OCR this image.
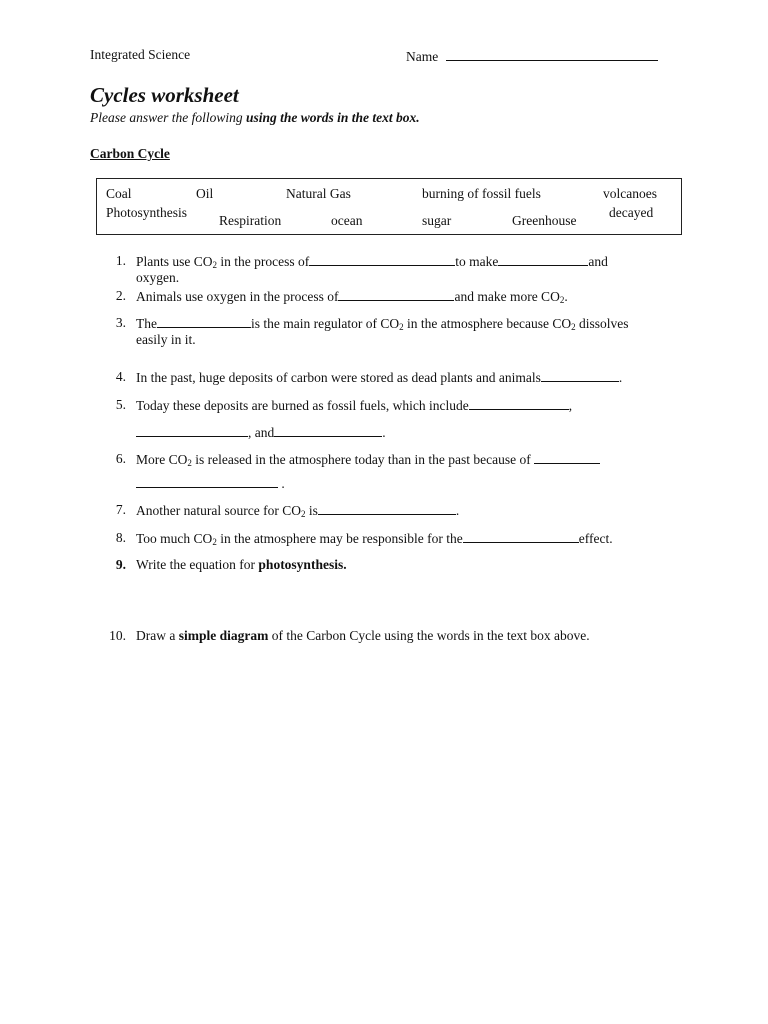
Integrated Science	Name
Cycles worksheet
Please answer the following using the words in the text box.
Carbon Cycle
Coal	Oil	Natural Gas	burning of fossil fuels	volcanoes
Photosynthesis
Respiration	ocean	sugar	Greenhouse
decayed
1. Plants use $CO_2$ in the process of	to make	and
oxygen.
2. Animals use oxygen in the process of	and make more $CO_2$.
3. The	is the main regulator of $CO_2$ in the atmosphere because $CO_2$ dissolves
easily in it.
4. In the past, huge deposits of carbon were stored as dead plants and animals	.
5. Today these deposits are burned as fossil fuels, which include	,
, and	.
6. More $CO_2$ is released in the atmosphere today than in the past because of
.
7. Another natural source for $CO_2$ is	.
8. Too much $CO_2$ in the atmosphere may be responsible for the	effect.
9. Write the equation for photosynthesis.
10. Draw a simple diagram of the Carbon Cycle using the words in the text box above.
